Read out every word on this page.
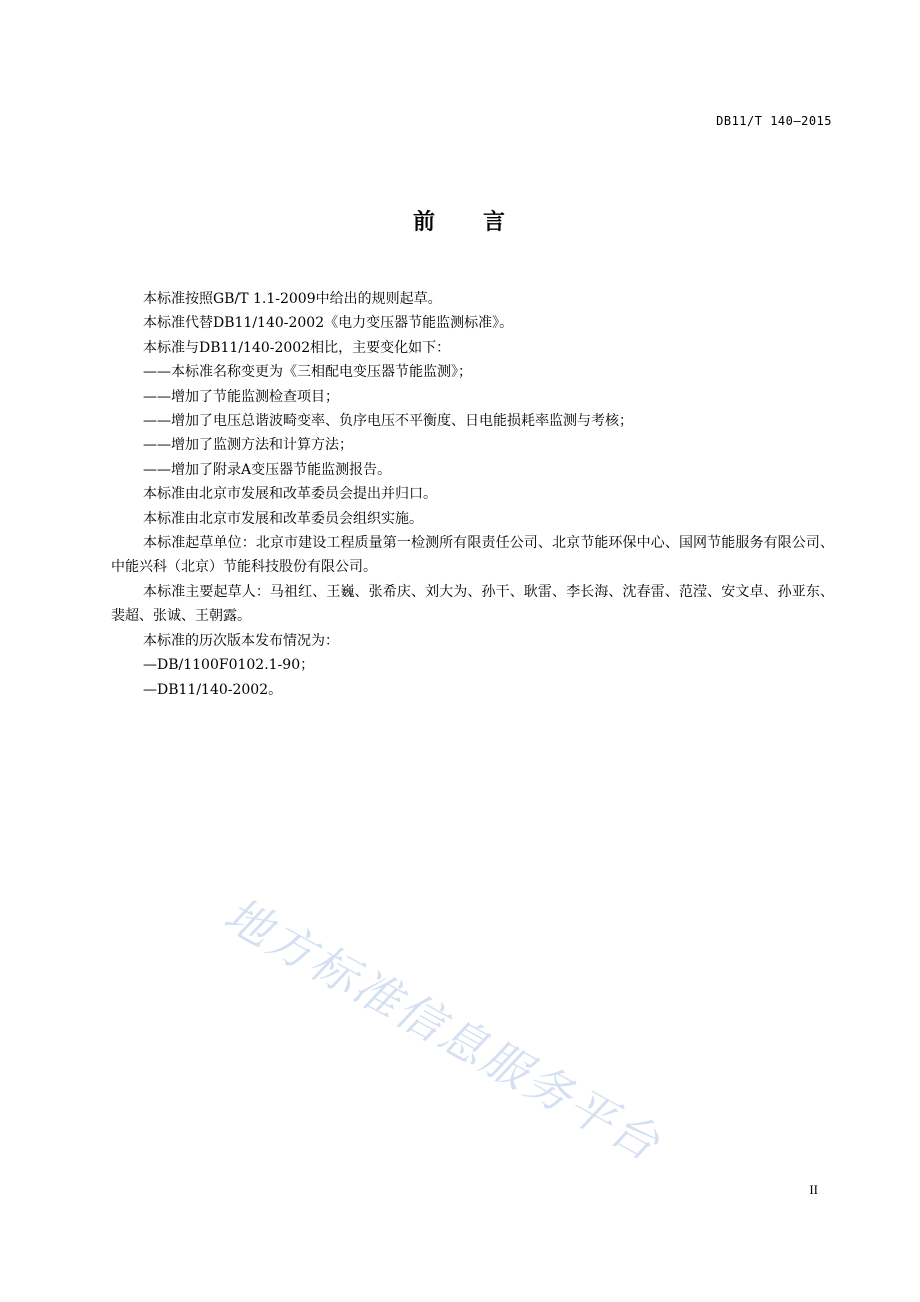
DB11/T 140—2015
前 言

本标准按照GB/T 1.1-2009中给出的规则起草。

本标准代替DB11/140-2002《电力变压器节能监测标准》。

本标准与DB11/140-2002相比，主要变化如下：

——本标准名称变更为《三相配电变压器节能监测》；

——增加了节能监测检查项目；

——增加了电压总谐波畸变率、负序电压不平衡度、日电能损耗率监测与考核；

——增加了监测方法和计算方法；

——增加了附录A变压器节能监测报告。

本标准由北京市发展和改革委员会提出并归口。

本标准由北京市发展和改革委员会组织实施。

本标准起草单位：北京市建设工程质量第一检测所有限责任公司、北京节能环保中心、国网节能服务有限公司、中能兴科（北京）节能科技股份有限公司。

本标准主要起草人：马祖红、王巍、张希庆、刘大为、孙干、耿雷、李长海、沈春雷、范滢、安文卓、孙亚东、裴超、张诚、王朝露。

本标准的历次版本发布情况为：

—DB/1100F0102.1-90；

—DB11/140-2002。

地方标准信息服务平台
II
